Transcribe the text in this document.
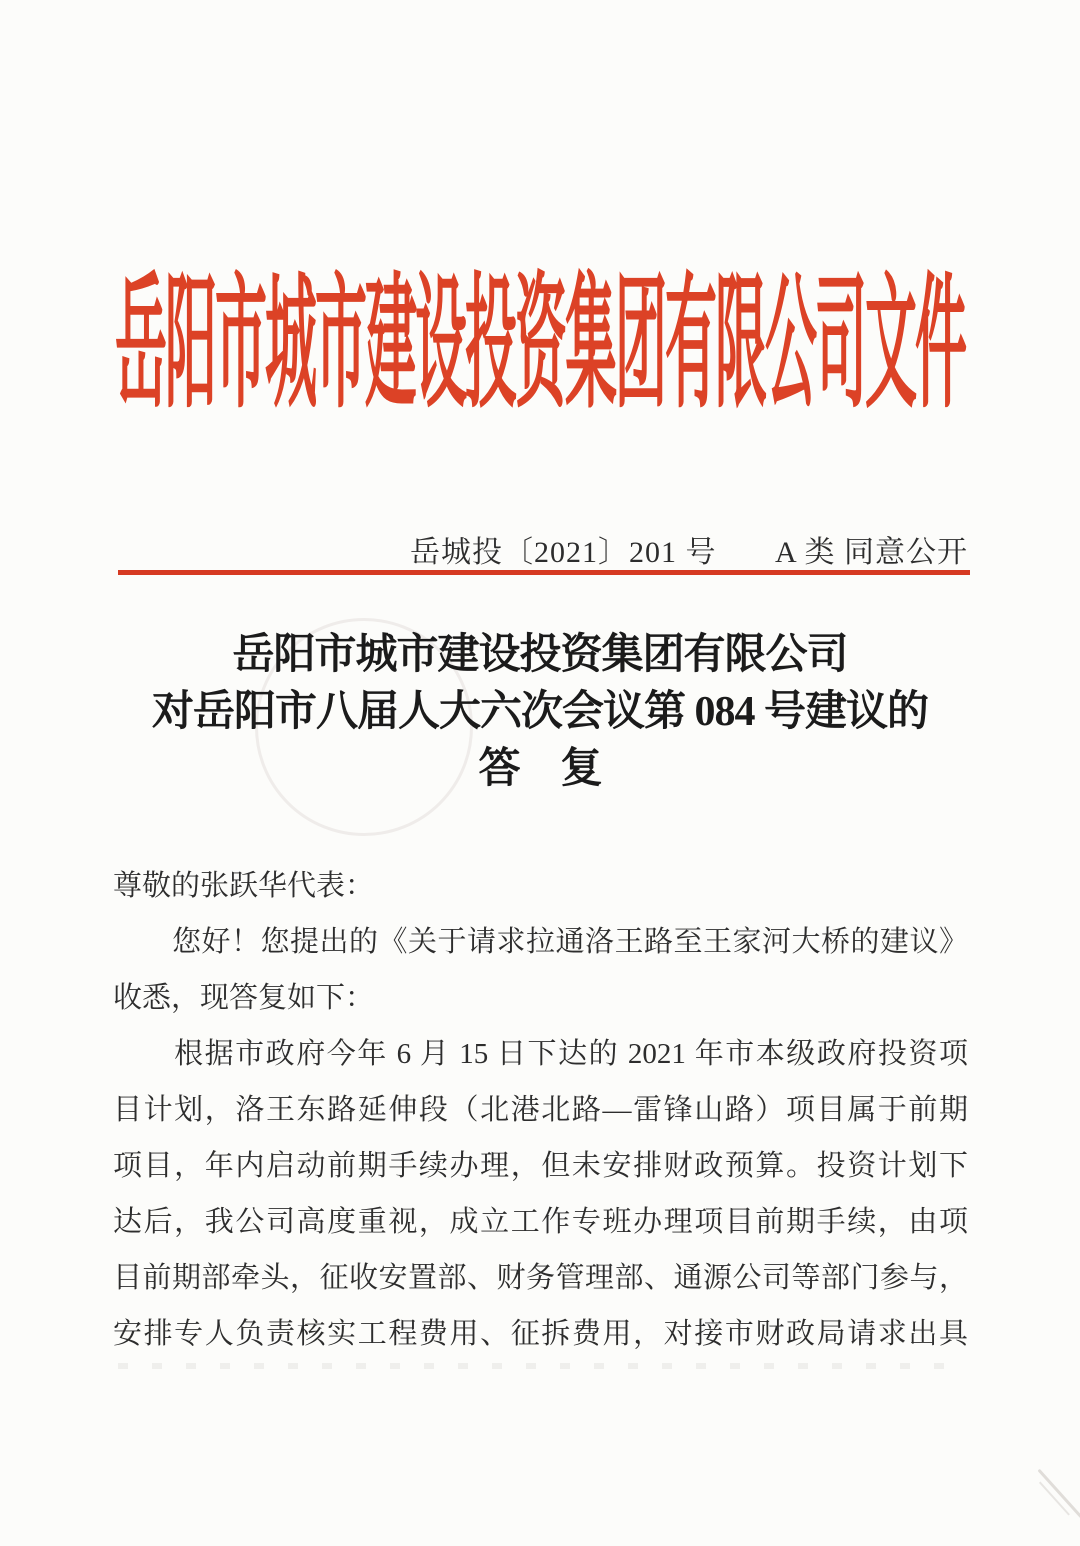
岳阳市城市建设投资集团有限公司文件
岳城投〔2021〕201 号 A 类 同意公开
岳阳市城市建设投资集团有限公司
对岳阳市八届人大六次会议第 084 号建议的
答　复
尊敬的张跃华代表：
　　您好！您提出的《关于请求拉通洛王路至王家河大桥的建议》
收悉，现答复如下：
　　根据市政府今年 6 月 15 日下达的 2021 年市本级政府投资项
目计划，洛王东路延伸段（北港北路—雷锋山路）项目属于前期
项目，年内启动前期手续办理，但未安排财政预算。投资计划下
达后，我公司高度重视，成立工作专班办理项目前期手续，由项
目前期部牵头，征收安置部、财务管理部、通源公司等部门参与，
安排专人负责核实工程费用、征拆费用，对接市财政局请求出具
